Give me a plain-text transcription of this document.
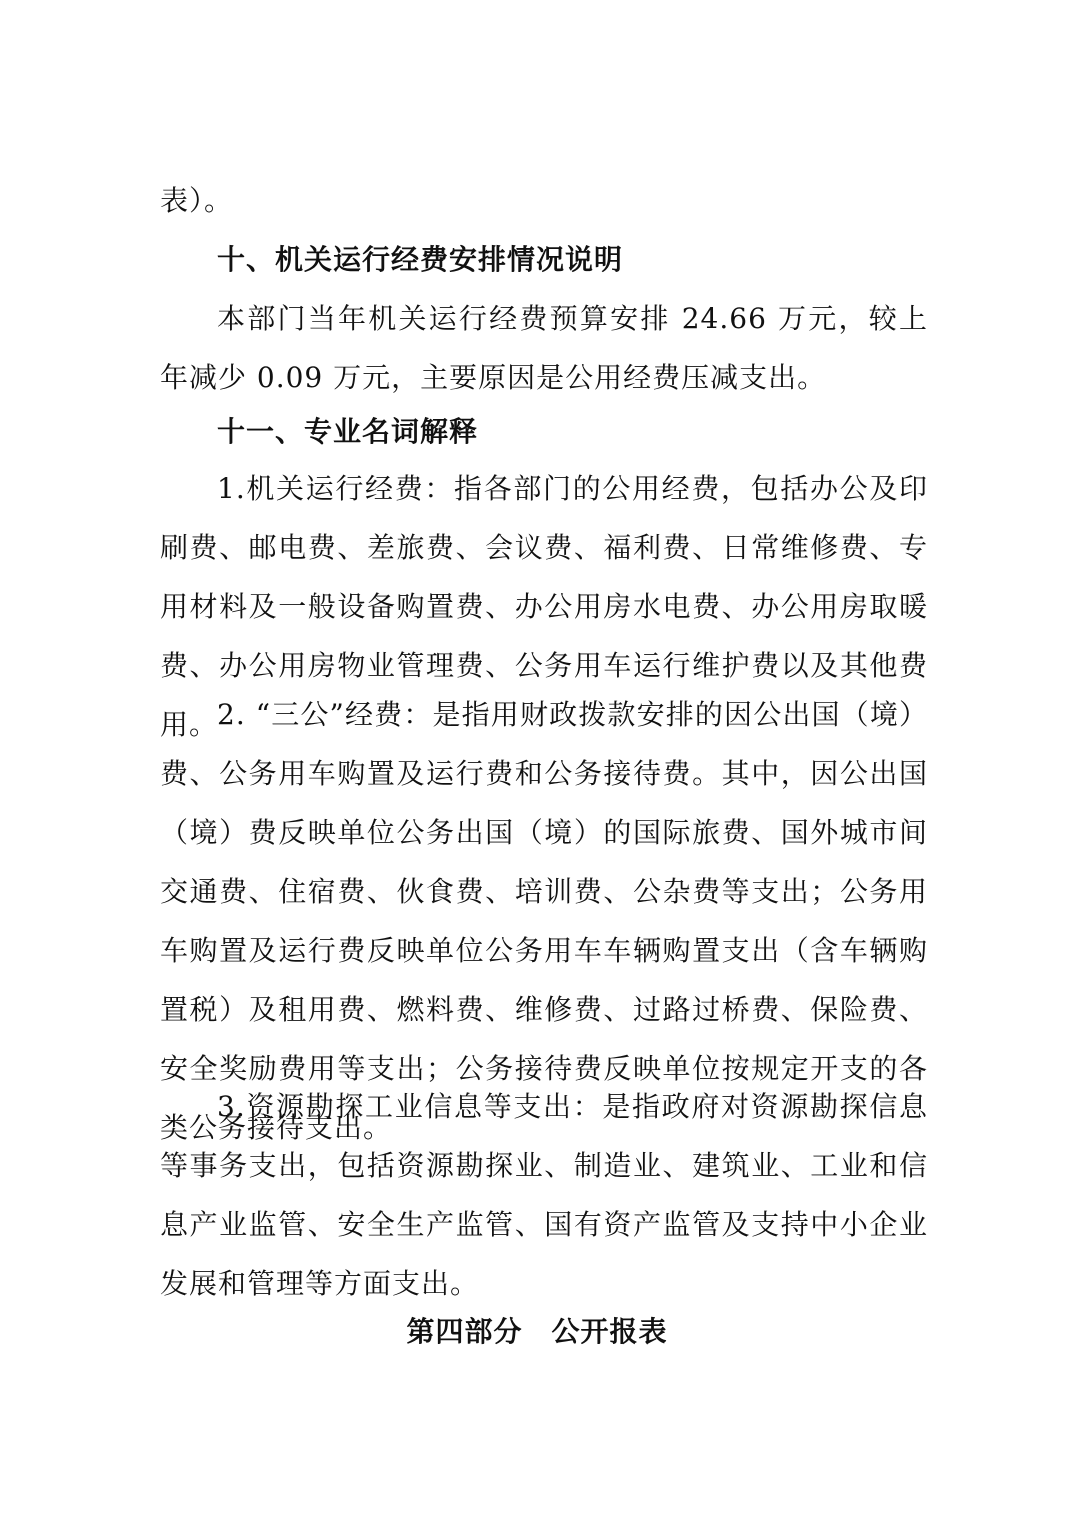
表）。

十、机关运行经费安排情况说明

本部门当年机关运行经费预算安排 24.66 万元，较上年减少 0.09 万元，主要原因是公用经费压减支出。

十一、专业名词解释

1.机关运行经费：指各部门的公用经费，包括办公及印刷费、邮电费、差旅费、会议费、福利费、日常维修费、专用材料及一般设备购置费、办公用房水电费、办公用房取暖费、办公用房物业管理费、公务用车运行维护费以及其他费用。

2. “三公”经费：是指用财政拨款安排的因公出国（境）费、公务用车购置及运行费和公务接待费。其中，因公出国（境）费反映单位公务出国（境）的国际旅费、国外城市间交通费、住宿费、伙食费、培训费、公杂费等支出；公务用车购置及运行费反映单位公务用车车辆购置支出（含车辆购置税）及租用费、燃料费、维修费、过路过桥费、保险费、安全奖励费用等支出；公务接待费反映单位按规定开支的各类公务接待支出。

3.资源勘探工业信息等支出：是指政府对资源勘探信息等事务支出，包括资源勘探业、制造业、建筑业、工业和信息产业监管、安全生产监管、国有资产监管及支持中小企业发展和管理等方面支出。

第四部分　公开报表
